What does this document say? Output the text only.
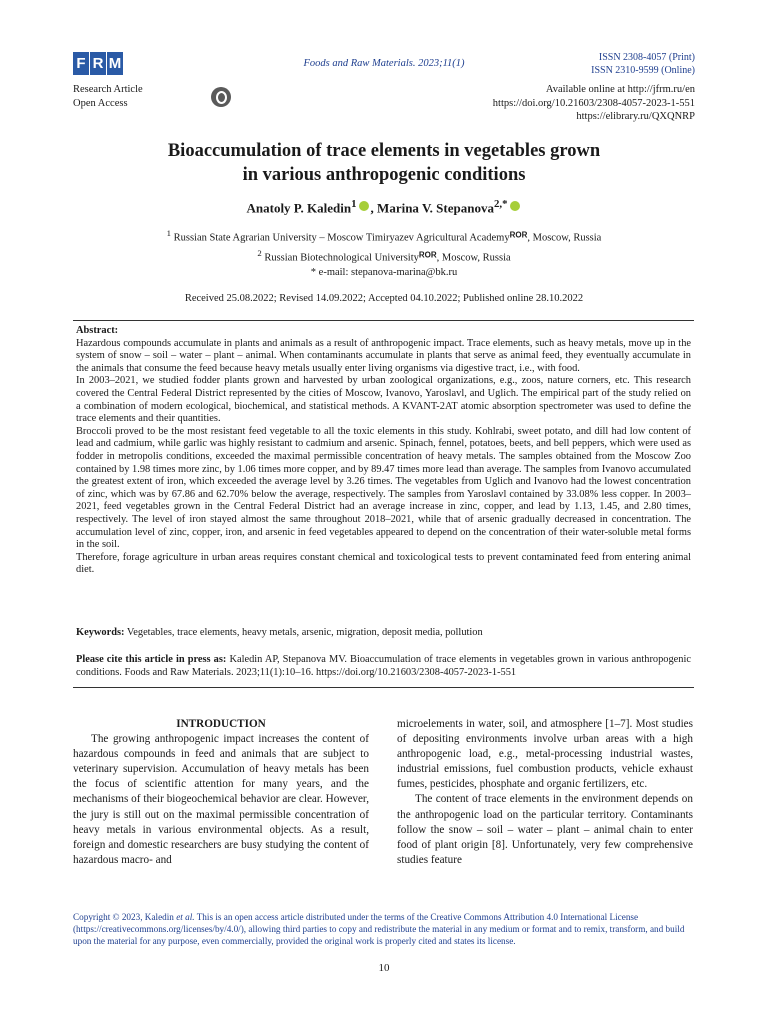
F R M	Foods and Raw Materials. 2023;11(1)
ISSN 2308-4057 (Print)
ISSN 2310-9599 (Online)
Research Article
Open Access
Available online at http://jfrm.ru/en
https://doi.org/10.21603/2308-4057-2023-1-551
https://elibrary.ru/QXQNRP
Bioaccumulation of trace elements in vegetables grown
in various anthropogenic conditions
Anatoly P. Kaledin$^1$ , Marina V. Stepanova$^{2,*}$
$^1$ Russian State Agrarian University – Moscow Timiryazev Agricultural Academy$^{ROR}$, Moscow, Russia
$^2$ Russian Biotechnological University$^{ROR}$, Moscow, Russia
* e-mail: stepanova-marina@bk.ru
Received 25.08.2022; Revised 14.09.2022; Accepted 04.10.2022; Published online 28.10.2022

Abstract:

Hazardous compounds accumulate in plants and animals as a result of anthropogenic impact. Trace elements, such as heavy metals, move up in the system of snow – soil – water – plant – animal. When contaminants accumulate in plants that serve as animal feed, they eventually accumulate in the animals that consume the feed because heavy metals usually enter living organisms via digestive tract, i.e., with food.

In 2003–2021, we studied fodder plants grown and harvested by urban zoological organizations, e.g., zoos, nature corners, etc. This research covered the Central Federal District represented by the cities of Moscow, Ivanovo, Yaroslavl, and Uglich. The empirical part of the study relied on a combination of modern ecological, biochemical, and statistical methods. A KVANT-2AT atomic absorption spectrometer was used to define the trace elements and their quantities.

Broccoli proved to be the most resistant feed vegetable to all the toxic elements in this study. Kohlrabi, sweet potato, and dill had low content of lead and cadmium, while garlic was highly resistant to cadmium and arsenic. Spinach, fennel, potatoes, beets, and bell peppers, which were used as fodder in metropolis conditions, exceeded the maximal permissible concentration of heavy metals. The samples obtained from the Moscow Zoo contained by 1.98 times more zinc, by 1.06 times more copper, and by 89.47 times more lead than average. The samples from Ivanovo accumulated the greatest extent of iron, which exceeded the average level by 3.26 times. The vegetables from Uglich and Ivanovo had the lowest concentration of zinc, which was by 67.86 and 62.70% below the average, respectively. The samples from Yaroslavl contained by 33.08% less copper. In 2003–2021, feed vegetables grown in the Central Federal District had an average increase in zinc, copper, and lead by 1.13, 1.45, and 2.80 times, respectively. The level of iron stayed almost the same throughout 2018–2021, while that of arsenic gradually decreased in concentration. The accumulation level of zinc, copper, iron, and arsenic in feed vegetables appeared to depend on the concentration of their water-soluble metal forms in the soil.

Therefore, forage agriculture in urban areas requires constant chemical and toxicological tests to prevent contaminated feed from entering animal diet.

Keywords: Vegetables, trace elements, heavy metals, arsenic, migration, deposit media, pollution
Please cite this article in press as: Kaledin AP, Stepanova MV. Bioaccumulation of trace elements in vegetables grown in various anthropogenic conditions. Foods and Raw Materials. 2023;11(1):10–16. https://doi.org/10.21603/2308-4057-2023-1-551
INTRODUCTION

The growing anthropogenic impact increases the content of hazardous compounds in feed and animals that are subject to veterinary supervision. Accumulation of heavy metals has been the focus of scientific attention for many years, and the mechanisms of their biogeochemical behavior are clear. However, the jury is still out on the maximal permissible concentration of heavy metals in various environmental objects. As a result, foreign and domestic researchers are busy studying the content of hazardous macro- and

microelements in water, soil, and atmosphere [1–7]. Most studies of depositing environments involve urban areas with a high anthropogenic load, e.g., metal-processing industrial wastes, industrial emissions, fuel combustion products, vehicle exhaust fumes, pesticides, phosphate and organic fertilizers, etc.

The content of trace elements in the environment depends on the anthropogenic load on the particular territory. Contaminants follow the snow – soil – water – plant – animal chain to enter food of plant origin [8]. Unfortunately, very few comprehensive studies feature

Copyright © 2023, Kaledin et al. This is an open access article distributed under the terms of the Creative Commons Attribution 4.0 International License (https://creativecommons.org/licenses/by/4.0/), allowing third parties to copy and redistribute the material in any medium or format and to remix, transform, and build upon the material for any purpose, even commercially, provided the original work is properly cited and states its license.
10
